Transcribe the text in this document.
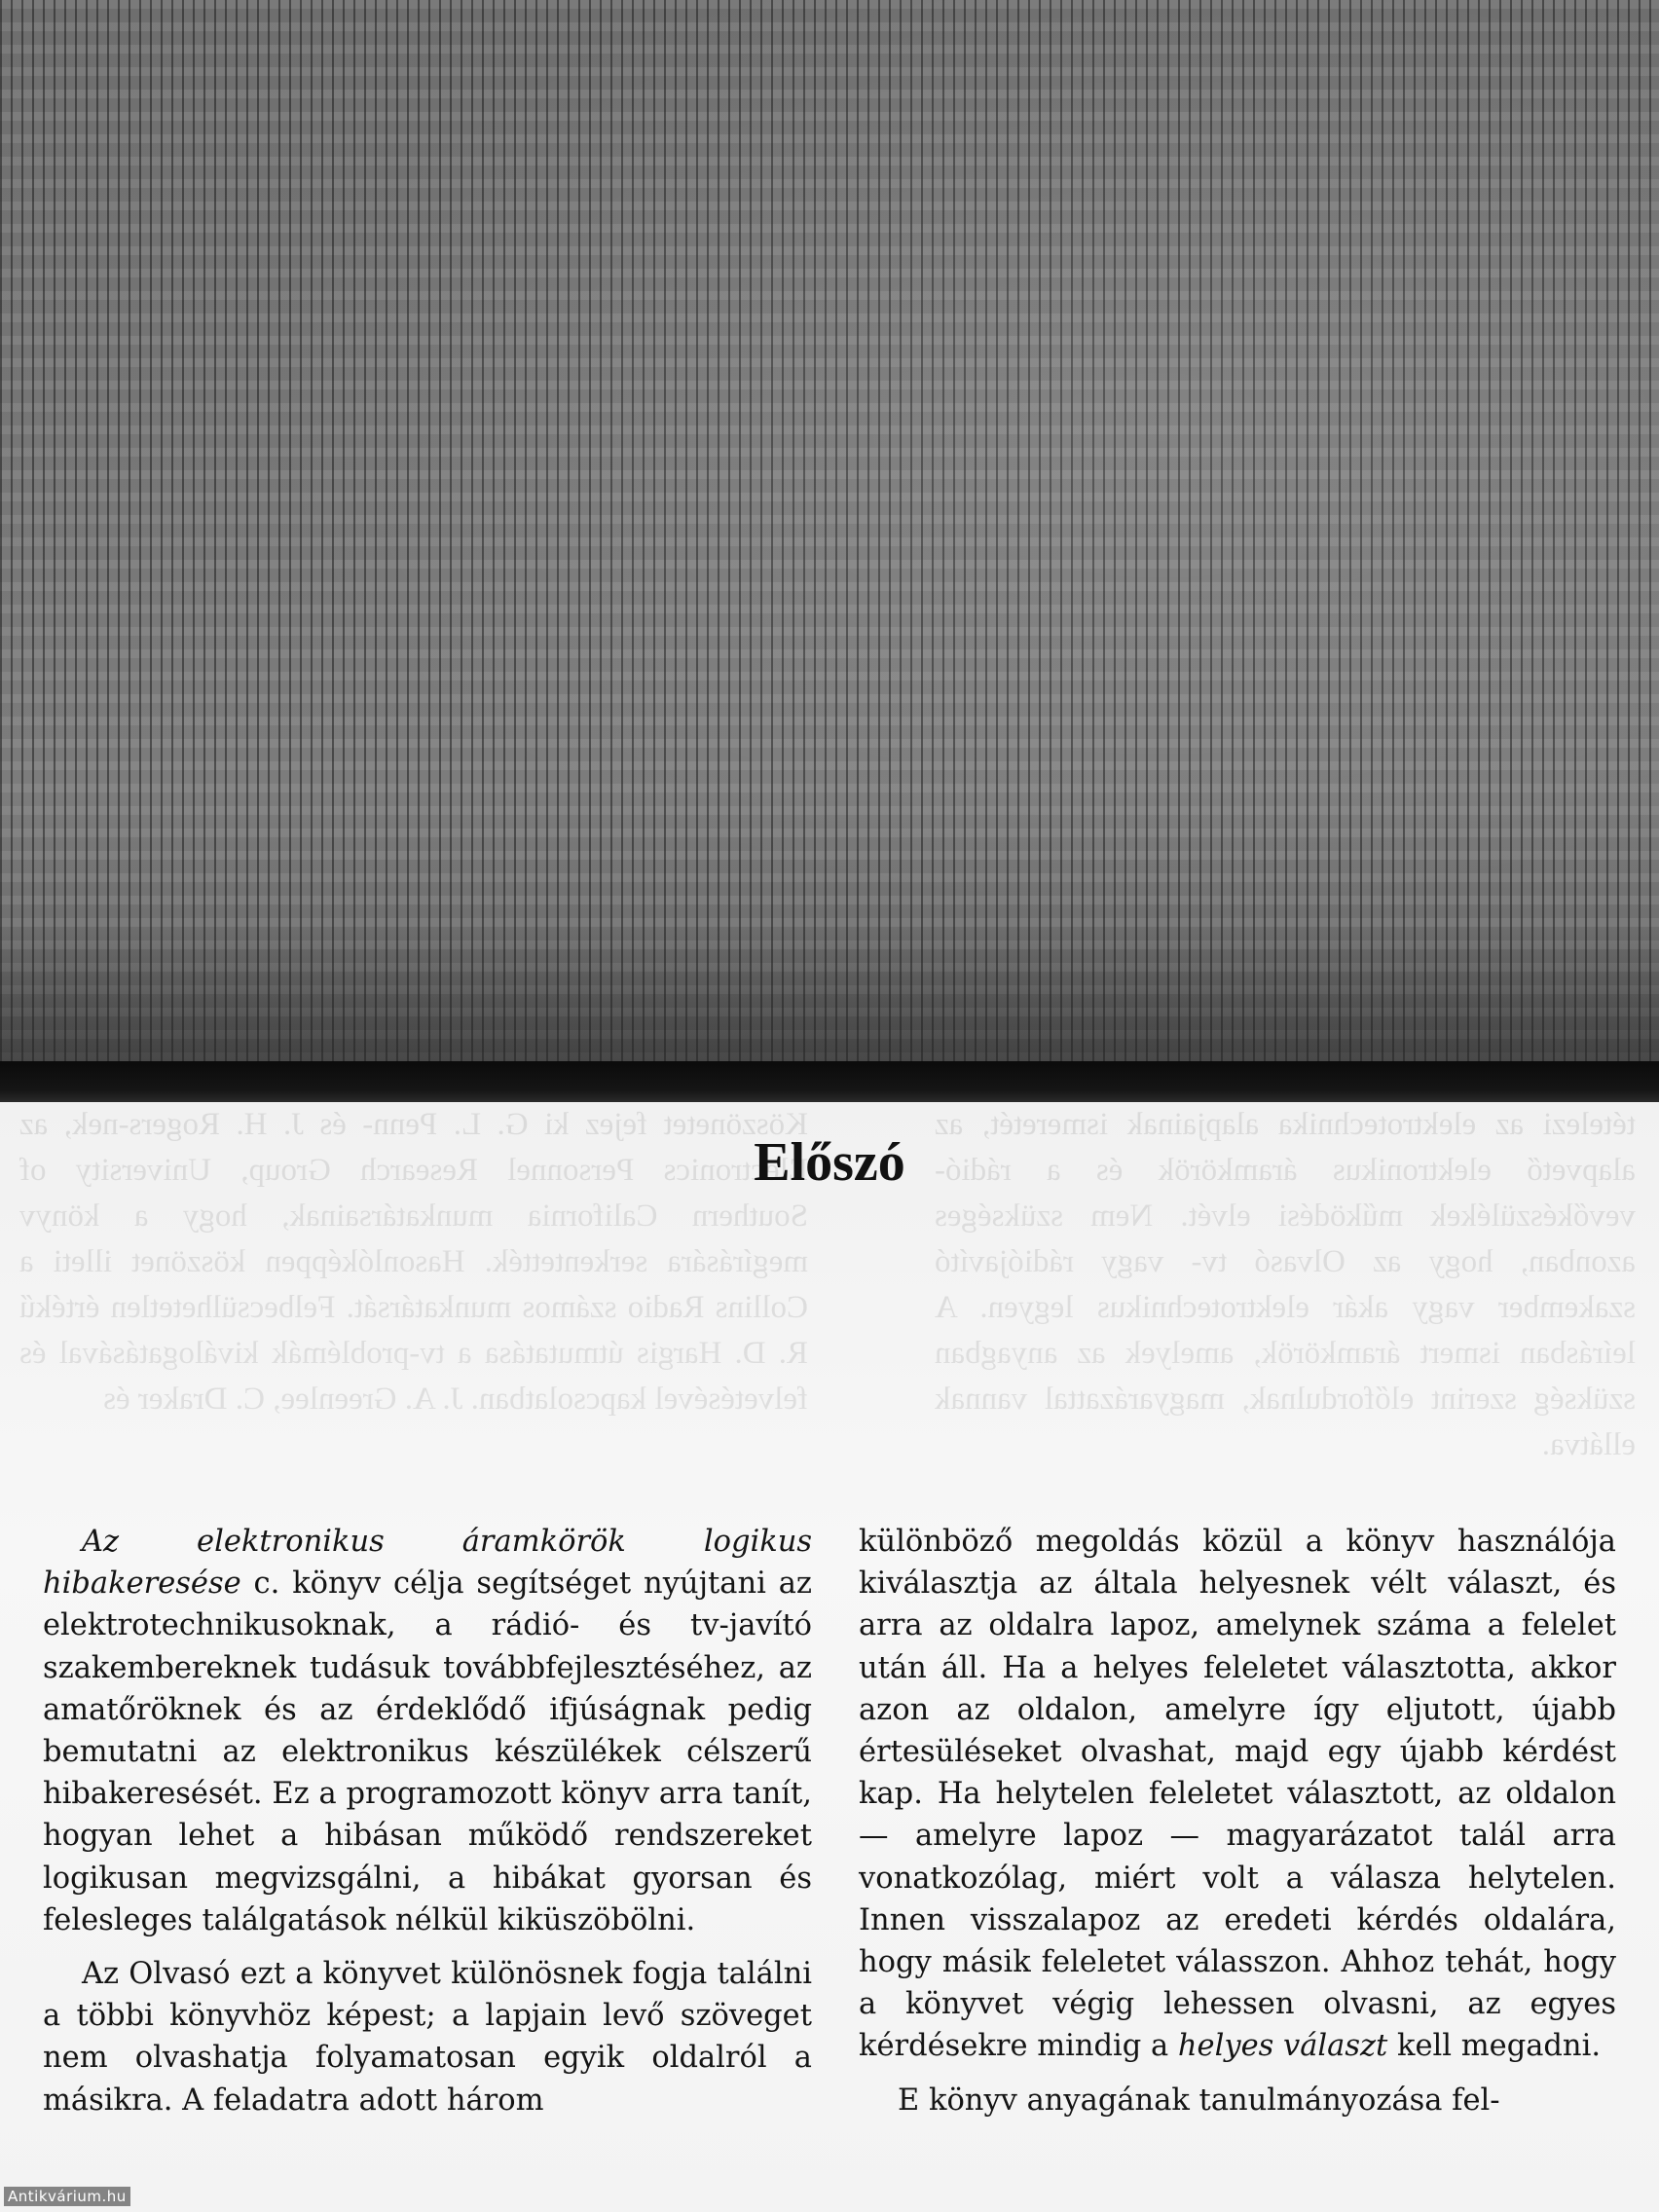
Köszönetet fejez ki G. L. Penn- és J. H. Rogers-nek, az Electronics Personnel Research Group, University of Southern California munkatársainak, hogy a könyv megírására serkentették. Hasonlóképpen köszönet illeti a Collins Radio számos munkatársát. Felbecsülhetetlen értékű R. D. Hargis útmutatása a tv-problémák kiválogatásával és felvetésével kapcsolatban. J. A. Greenlee, C. Draker és
tételezi az elektrotechnika alapjainak ismeretét, az alapvető elektronikus áramkörök és a rádió-vevőkészülékek működési elvét. Nem szükséges azonban, hogy az Olvasó tv- vagy rádiójavító szakember vagy akár elektrotechnikus legyen. A leírásban ismert áramkörök, amelyek az anyagban szükség szerint előfordulnak, magyarázattal vannak ellátva.
Előszó

Az elektronikus áramkörök logikus hibakeresése c. könyv célja segítséget nyújtani az elektrotechnikusoknak, a rádió- és tv-javító szakembereknek tudásuk továbbfejlesztéséhez, az amatőröknek és az érdeklődő ifjúságnak pedig bemutatni az elektronikus készülékek célszerű hibakeresését. Ez a programozott könyv arra tanít, hogyan lehet a hibásan működő rendszereket logikusan megvizsgálni, a hibákat gyorsan és felesleges találgatások nélkül kiküszöbölni.

Az Olvasó ezt a könyvet különösnek fogja találni a többi könyvhöz képest; a lapjain levő szöveget nem olvashatja folyamatosan egyik oldalról a másikra. A feladatra adott három

különböző megoldás közül a könyv használója kiválasztja az általa helyesnek vélt választ, és arra az oldalra lapoz, amelynek száma a felelet után áll. Ha a helyes feleletet választotta, akkor azon az oldalon, amelyre így eljutott, újabb értesüléseket olvashat, majd egy újabb kérdést kap. Ha helytelen feleletet választott, az oldalon — amelyre lapoz — magyarázatot talál arra vonatkozólag, miért volt a válasza helytelen. Innen visszalapoz az eredeti kérdés oldalára, hogy másik feleletet válasszon. Ahhoz tehát, hogy a könyvet végig lehessen olvasni, az egyes kérdésekre mindig a helyes választ kell megadni.

E könyv anyagának tanulmányozása fel-

Antikvárium.hu
